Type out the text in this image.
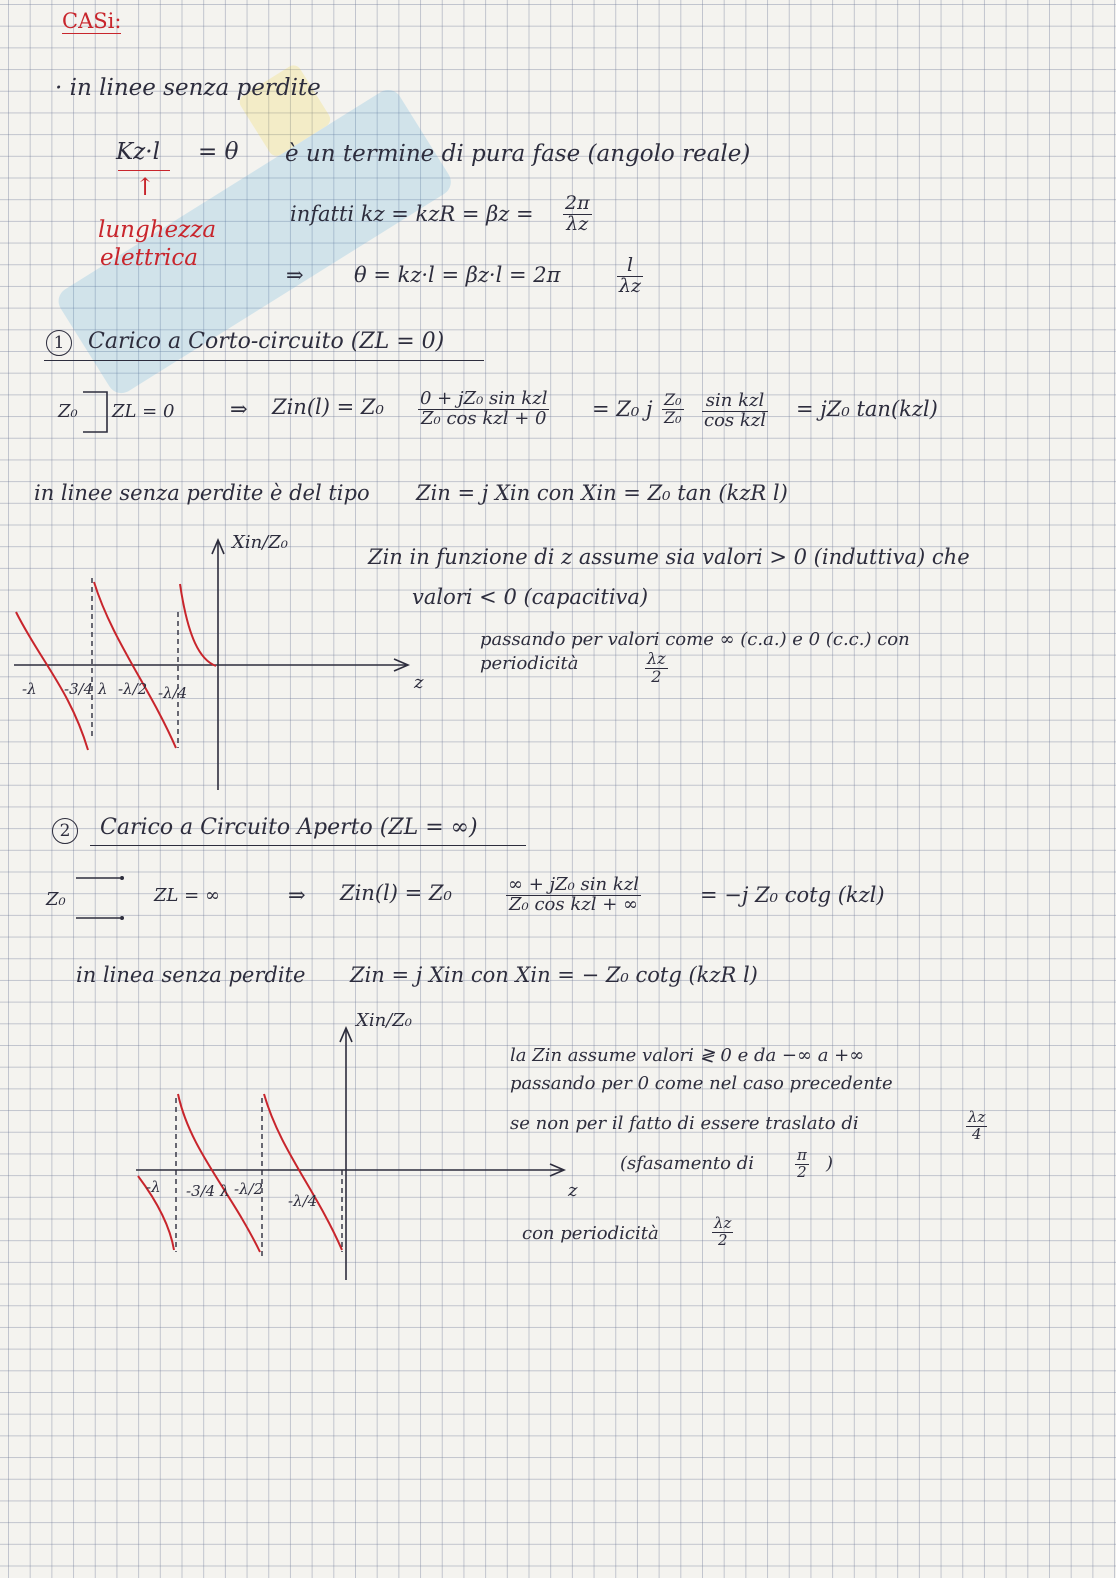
CASi:
· in linee senza perdite
Kz·l = θ è un termine di pura fase (angolo reale)
↑
lunghezza
elettrica
infatti kz = kzR = $\beta z = \frac{2\pi}{\lambda z}$
⇒ θ = kz·l = βz·l = 2π	$\frac{l}{\lambda z}$
1	Carico a Corto-circuito (ZL = 0)
Z₀ ZL = 0	⇒ Zin(l) = Z₀ 0 + jZ₀ sin kzl
Z₀ cos kzl + 0 = Z₀ j $\frac{\text{Z₀}}{\text{Z₀}}$ sin kzl
cos kzl = jZ₀ tan(kzl)
in linee senza perdite è del tipo Zin = j Xin con Xin = Z₀ tan (kzR l)
Zin in funzione di z assume sia valori > 0 (induttiva) che
valori < 0 (capacitiva)
passando per valori come ∞ (c.a.) e 0 (c.c.) con
periodicità	$\frac{\lambda z}{2}$
Xin/Z₀
z
-λ -3/4 λ -λ/2 -λ/4
2	Carico a Circuito Aperto (ZL = ∞)
Z₀	ZL = ∞	⇒ Zin(l) = Z₀	∞ + jZ₀ sin kzl
Z₀ cos kzl + ∞	= −j Z₀ cotg (kzl)
in linea senza perdite Zin = j Xin con Xin = − Z₀ cotg (kzR l)
la Zin assume valori ≷ 0 e da −∞ a +∞
passando per 0 come nel caso precedente
se non per il fatto di essere traslato di	$\frac{\lambda z}{4}$
(sfasamento di	$\frac{\pi}{2}$ )
con periodicità	$\frac{\lambda z}{2}$
Xin/Z₀
z
-λ -3/4 λ -λ/2
-λ/4
